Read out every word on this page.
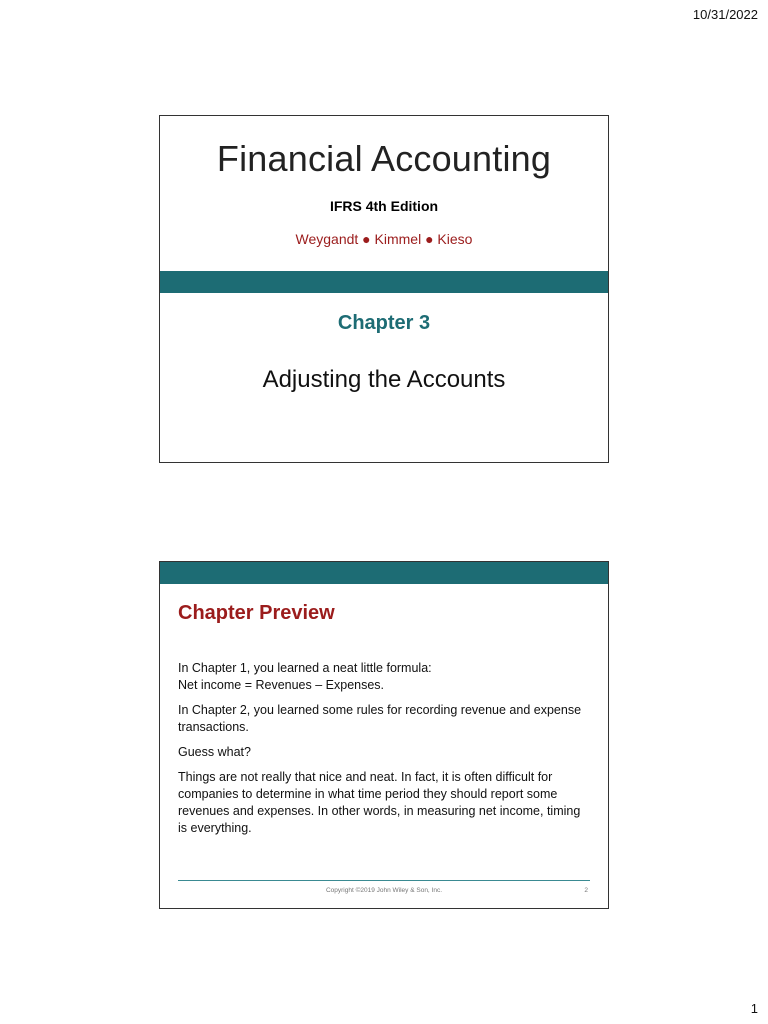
10/31/2022
Financial Accounting
IFRS 4th Edition
Weygandt ● Kimmel ● Kieso
Chapter 3
Adjusting the Accounts
Chapter Preview

In Chapter 1, you learned a neat little formula:
Net income = Revenues – Expenses.

In Chapter 2, you learned some rules for recording revenue and expense transactions.

Guess what?

Things are not really that nice and neat. In fact, it is often difficult for companies to determine in what time period they should report some revenues and expenses. In other words, in measuring net income, timing is everything.

Copyright ©2019 John Wiley & Son, Inc.	2
1
